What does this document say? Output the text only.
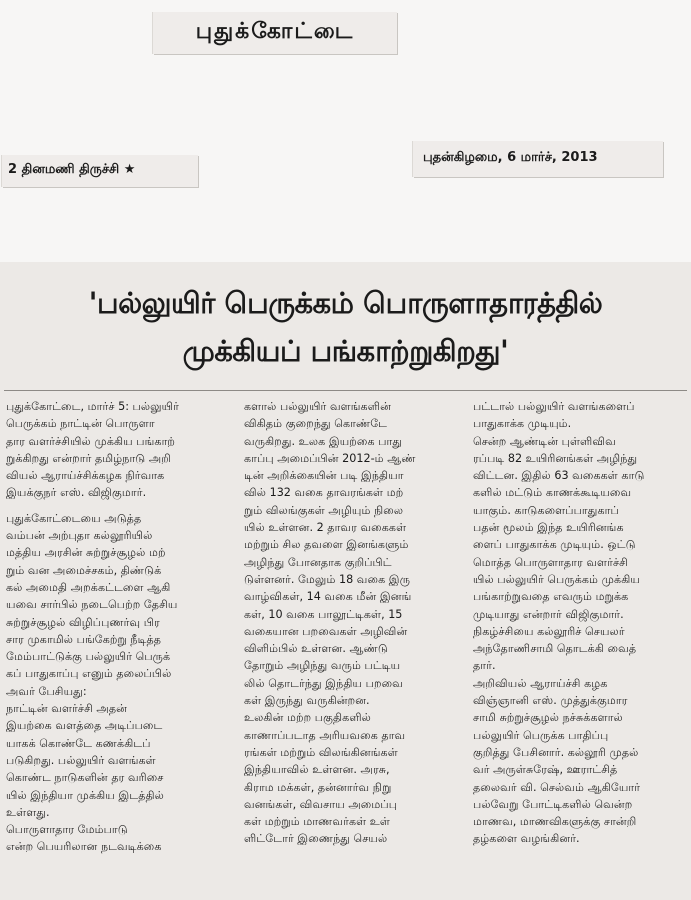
புதுக்கோட்டை
2 தினமணி திருச்சி ★
புதன்கிழமை, 6 மார்ச், 2013
'பல்லுயிர் பெருக்கம் பொருளாதாரத்தில்
முக்கியப் பங்காற்றுகிறது'
புதுக்கோட்டை, மார்ச் 5: பல்லுயிர்
பெருக்கம் நாட்டின் பொருளா
தார வளர்ச்சியில் முக்கிய பங்காற்
றுக்கிறது என்றார் தமிழ்நாடு அறி
வியல் ஆராய்ச்சிக்கழக நிர்வாக
இயக்குநர் எஸ். விஜிகுமார்.
புதுக்கோட்டையை அடுத்த
வம்பன் அற்புதா கல்லூரியில்
மத்திய அரசின் சுற்றுச்சூழல் மற்
றும் வன அமைச்சகம், திண்டுக்
கல் அமைதி அறக்கட்டளை ஆகி
யவை சார்பில் நடைபெற்ற தேசிய
சுற்றுச்சூழல் விழிப்புணர்வு பிர
சார முகாமில் பங்கேற்று நீடித்த
மேம்பாட்டுக்கு பல்லுயிர் பெருக்
கப் பாதுகாப்பு எனும் தலைப்பில்
அவர் பேசியது:
நாட்டின் வளர்ச்சி அதன்
இயற்கை வளத்தை அடிப்படை
யாகக் கொண்டே கணக்கிடப்
படுகிறது. பல்லுயிர் வளங்கள்
கொண்ட நாடுகளின் தர வரிசை
யில் இந்தியா முக்கிய இடத்தில்
உள்ளது.
பொருளாதார மேம்பாடு
என்ற பெயரிலான நடவடிக்கை
களால் பல்லுயிர் வளங்களின்
விகிதம் குறைந்து கொண்டே
வருகிறது. உலக இயற்கை பாது
காப்பு அமைப்பின் 2012-ம் ஆண்
டின் அறிக்கையின் படி இந்தியா
வில் 132 வகை தாவரங்கள் மற்
றும் விலங்குகள் அழியும் நிலை
யில் உள்ளன. 2 தாவர வகைகள்
மற்றும் சில தவளை இனங்களும்
அழிந்து போனதாக குறிப்பிட்
டுள்ளனர். மேலும் 18 வகை இரு
வாழ்விகள், 14 வகை மீன் இனங்
கள், 10 வகை பாலூட்டிகள், 15
வகையான பறவைகள் அழிவின்
விளிம்பில் உள்ளன. ஆண்டு
தோறும் அழிந்து வரும் பட்டிய
லில் தொடர்ந்து இந்திய பறவை
கள் இருந்து வருகின்றன.
உலகின் மற்ற பகுதிகளில்
காணாப்படாத அரியவகை தாவ
ரங்கள் மற்றும் விலங்கினங்கள்
இந்தியாவில் உள்ளன. அரசு,
கிராம மக்கள், தன்னார்வ நிறு
வனங்கள், விவசாய அமைப்பு
கள் மற்றும் மாணவர்கள் உள்
ளிட்டோர் இணைந்து செயல்
பட்டால் பல்லுயிர் வளங்களைப்
பாதுகாக்க முடியும்.
சென்ற ஆண்டின் புள்ளிவிவ
ரப்படி 82 உயிரினங்கள் அழிந்து
விட்டன. இதில் 63 வகைகள் காடு
களில் மட்டும் காணக்கூடியவை
யாகும். காடுகளைப்பாதுகாப்
பதன் மூலம் இந்த உயிரினங்க
ளைப் பாதுகாக்க முடியும். ஒட்டு
மொத்த பொருளாதார வளர்ச்சி
யில் பல்லுயிர் பெருக்கம் முக்கிய
பங்காற்றுவதை எவரும் மறுக்க
முடியாது என்றார் விஜிகுமார்.
நிகழ்ச்சியை கல்லூரிச் செயலர்
அந்தோணிசாமி தொடக்கி வைத்
தார்.
அறிவியல் ஆராய்ச்சி கழக
விஞ்ஞானி எஸ். முத்துக்குமார
சாமி சுற்றுச்சூழல் நச்சுக்களால்
பல்லுயிர் பெருக்க பாதிப்பு
குறித்து பேசினார். கல்லூரி முதல்
வர் அருள்சுரேஷ், ஊராட்சித்
தலைவர் வி. செல்வம் ஆகியோர்
பல்வேறு போட்டிகளில் வென்ற
மாணவ, மாணவிகளுக்கு சான்றி
தழ்களை வழங்கினர்.
